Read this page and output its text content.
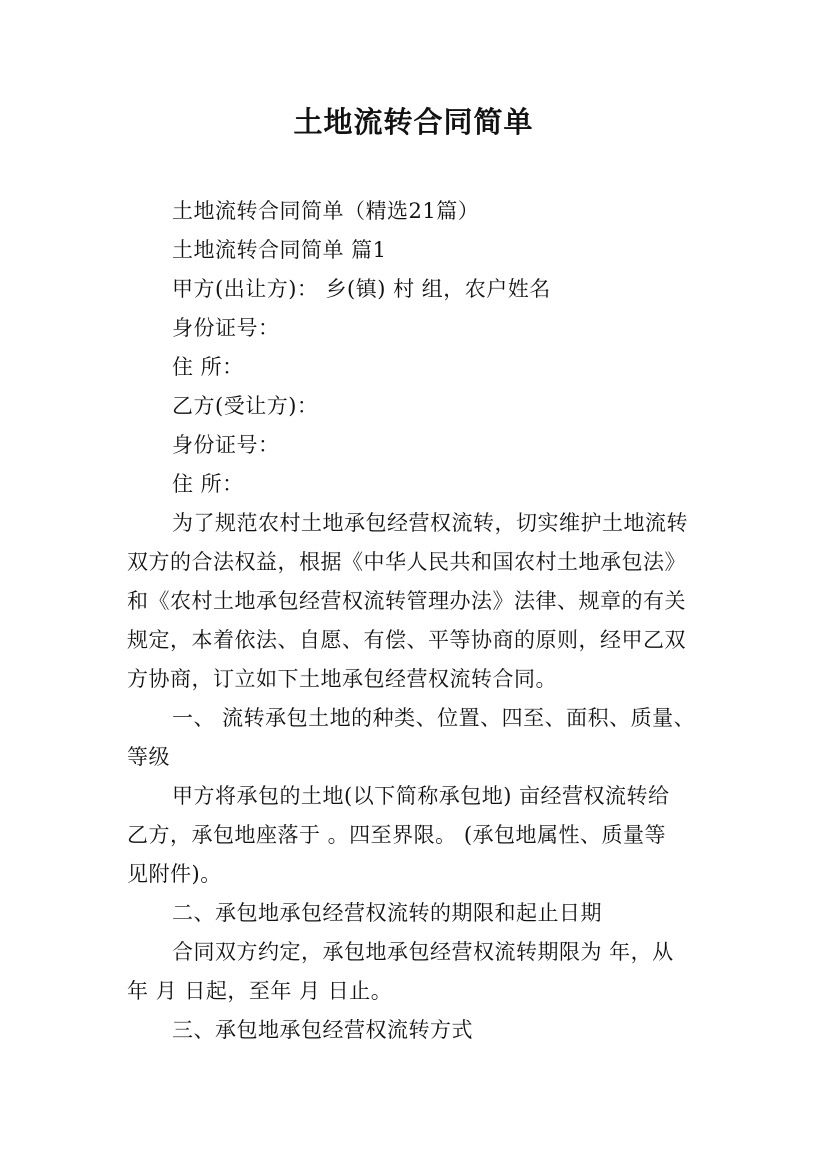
土地流转合同简单
土地流转合同简单（精选21篇）
土地流转合同简单 篇1
甲方(出让方)： 乡(镇) 村 组，农户姓名
身份证号：
住 所：
乙方(受让方)：
身份证号：
住 所：
为了规范农村土地承包经营权流转，切实维护土地流转
双方的合法权益，根据《中华人民共和国农村土地承包法》
和《农村土地承包经营权流转管理办法》法律、规章的有关
规定，本着依法、自愿、有偿、平等协商的原则，经甲乙双
方协商，订立如下土地承包经营权流转合同。
一、 流转承包土地的种类、位置、四至、面积、质量、
等级
甲方将承包的土地(以下简称承包地) 亩经营权流转给
乙方，承包地座落于 。四至界限。 (承包地属性、质量等
见附件)。
二、承包地承包经营权流转的期限和起止日期
合同双方约定，承包地承包经营权流转期限为 年，从
年 月 日起，至年 月 日止。
三、承包地承包经营权流转方式
